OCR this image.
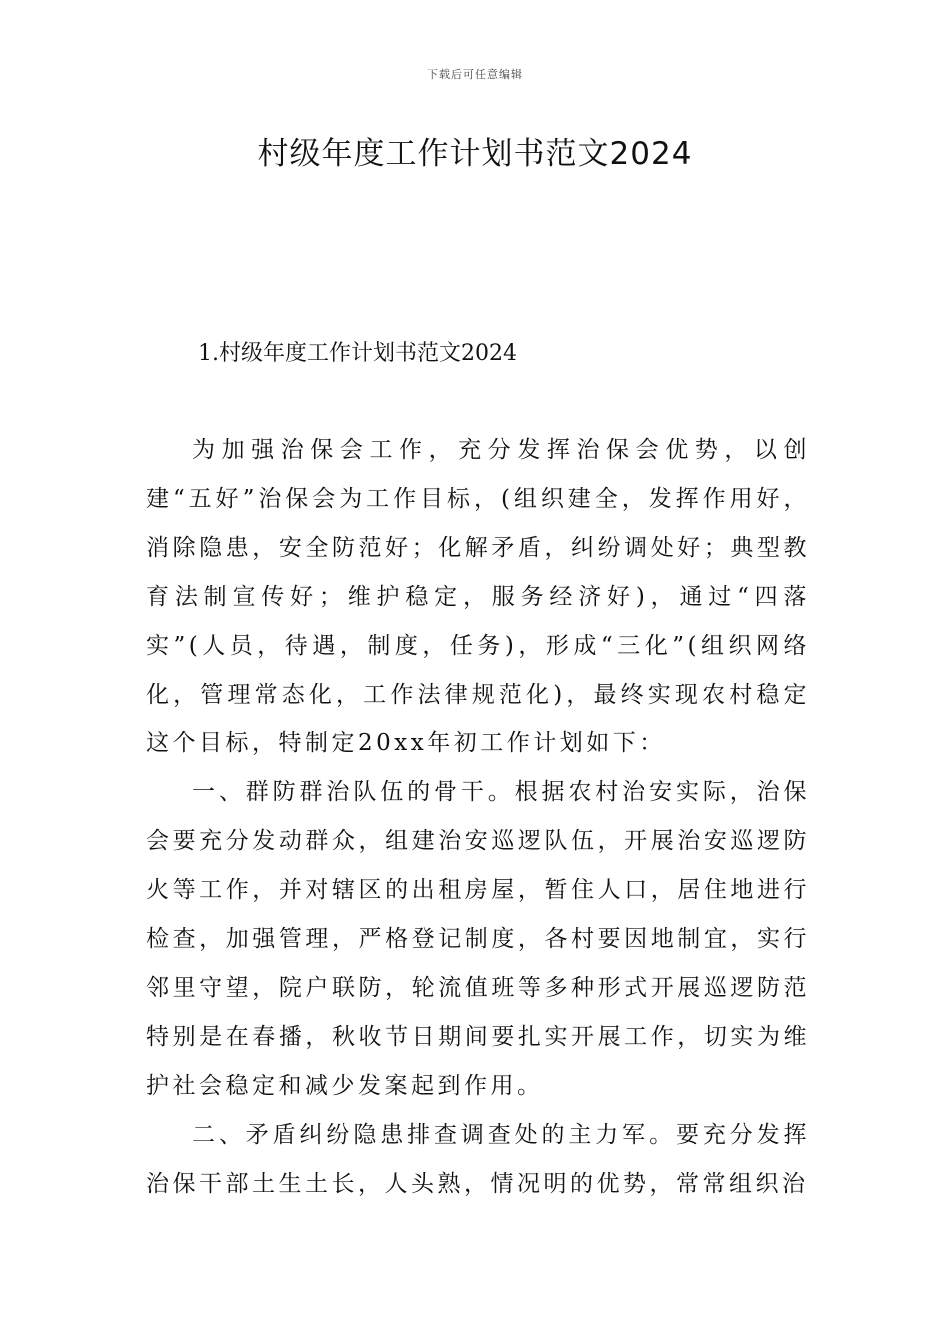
下载后可任意编辑
村级年度工作计划书范文2024
1.村级年度工作计划书范文2024

为加强治保会工作，充分发挥治保会优势，以创建“五好”治保会为工作目标，(组织建全，发挥作用好，消除隐患，安全防范好；化解矛盾，纠纷调处好；典型教育法制宣传好；维护稳定，服务经济好)，通过“四落实”(人员，待遇，制度，任务)，形成“三化”(组织网络化，管理常态化，工作法律规范化)，最终实现农村稳定这个目标，特制定20xx年初工作计划如下：

一、群防群治队伍的骨干。根据农村治安实际，治保会要充分发动群众，组建治安巡逻队伍，开展治安巡逻防火等工作，并对辖区的出租房屋，暂住人口，居住地进行检查，加强管理，严格登记制度，各村要因地制宜，实行邻里守望，院户联防，轮流值班等多种形式开展巡逻防范特别是在春播，秋收节日期间要扎实开展工作，切实为维护社会稳定和减少发案起到作用。

二、矛盾纠纷隐患排查调查处的主力军。要充分发挥治保干部土生土长，人头熟，情况明的优势，常常组织治
